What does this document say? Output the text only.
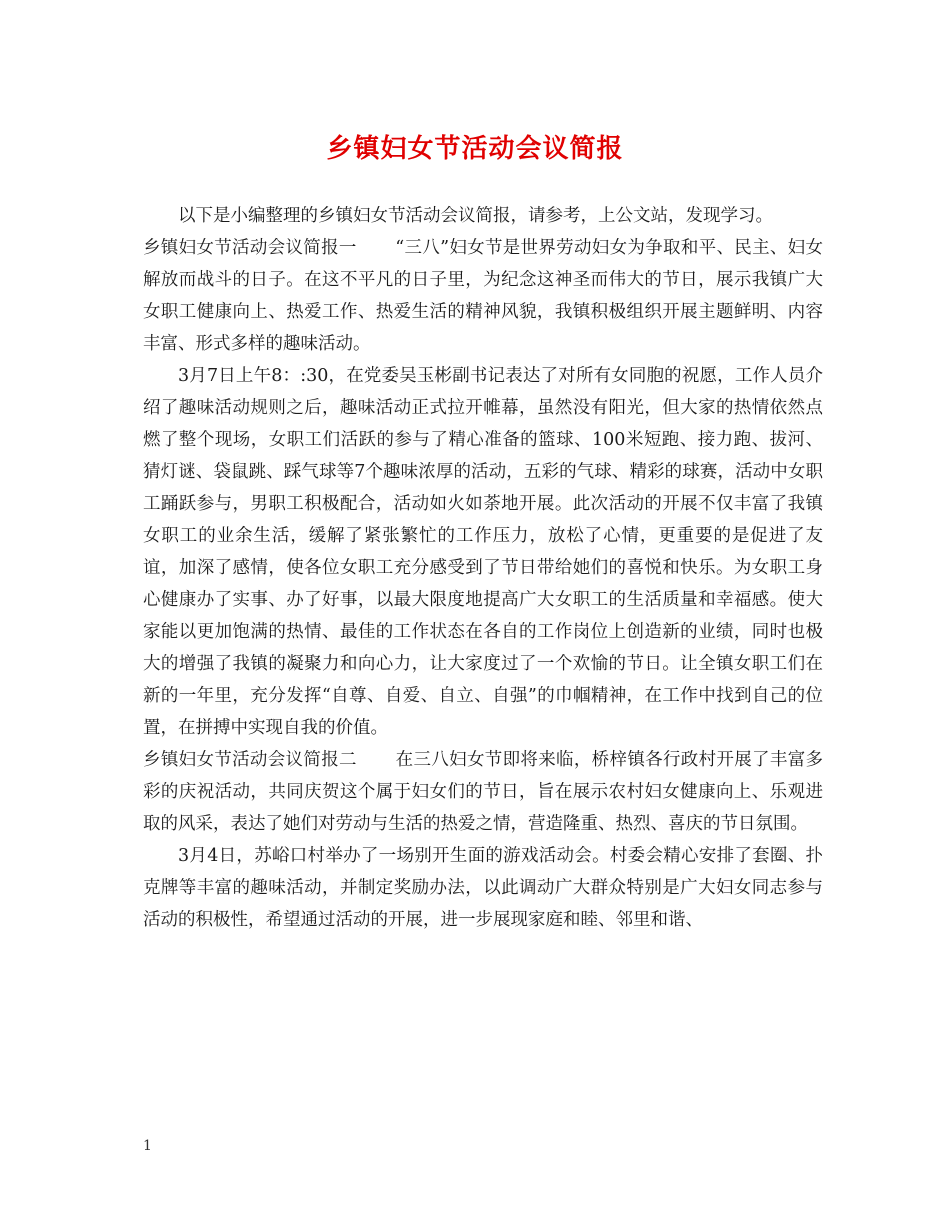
乡镇妇女节活动会议简报

以下是小编整理的乡镇妇女节活动会议简报，请参考，上公文站，发现学习。

乡镇妇女节活动会议简报一 “三八”妇女节是世界劳动妇女为争取和平、民主、妇女解放而战斗的日子。在这不平凡的日子里，为纪念这神圣而伟大的节日，展示我镇广大女职工健康向上、热爱工作、热爱生活的精神风貌，我镇积极组织开展主题鲜明、内容丰富、形式多样的趣味活动。

3月7日上午8：:30，在党委吴玉彬副书记表达了对所有女同胞的祝愿，工作人员介绍了趣味活动规则之后，趣味活动正式拉开帷幕，虽然没有阳光，但大家的热情依然点燃了整个现场，女职工们活跃的参与了精心准备的篮球、100米短跑、接力跑、拔河、猜灯谜、袋鼠跳、踩气球等7个趣味浓厚的活动，五彩的气球、精彩的球赛，活动中女职工踊跃参与，男职工积极配合，活动如火如荼地开展。此次活动的开展不仅丰富了我镇女职工的业余生活，缓解了紧张繁忙的工作压力，放松了心情，更重要的是促进了友谊，加深了感情，使各位女职工充分感受到了节日带给她们的喜悦和快乐。为女职工身心健康办了实事、办了好事，以最大限度地提高广大女职工的生活质量和幸福感。使大家能以更加饱满的热情、最佳的工作状态在各自的工作岗位上创造新的业绩，同时也极大的增强了我镇的凝聚力和向心力，让大家度过了一个欢愉的节日。让全镇女职工们在新的一年里，充分发挥“自尊、自爱、自立、自强”的巾帼精神，在工作中找到自己的位置，在拼搏中实现自我的价值。

乡镇妇女节活动会议简报二 在三八妇女节即将来临，桥梓镇各行政村开展了丰富多彩的庆祝活动，共同庆贺这个属于妇女们的节日，旨在展示农村妇女健康向上、乐观进取的风采，表达了她们对劳动与生活的热爱之情，营造隆重、热烈、喜庆的节日氛围。

3月4日，苏峪口村举办了一场别开生面的游戏活动会。村委会精心安排了套圈、扑克牌等丰富的趣味活动，并制定奖励办法，以此调动广大群众特别是广大妇女同志参与活动的积极性，希望通过活动的开展，进一步展现家庭和睦、邻里和谐、

1
